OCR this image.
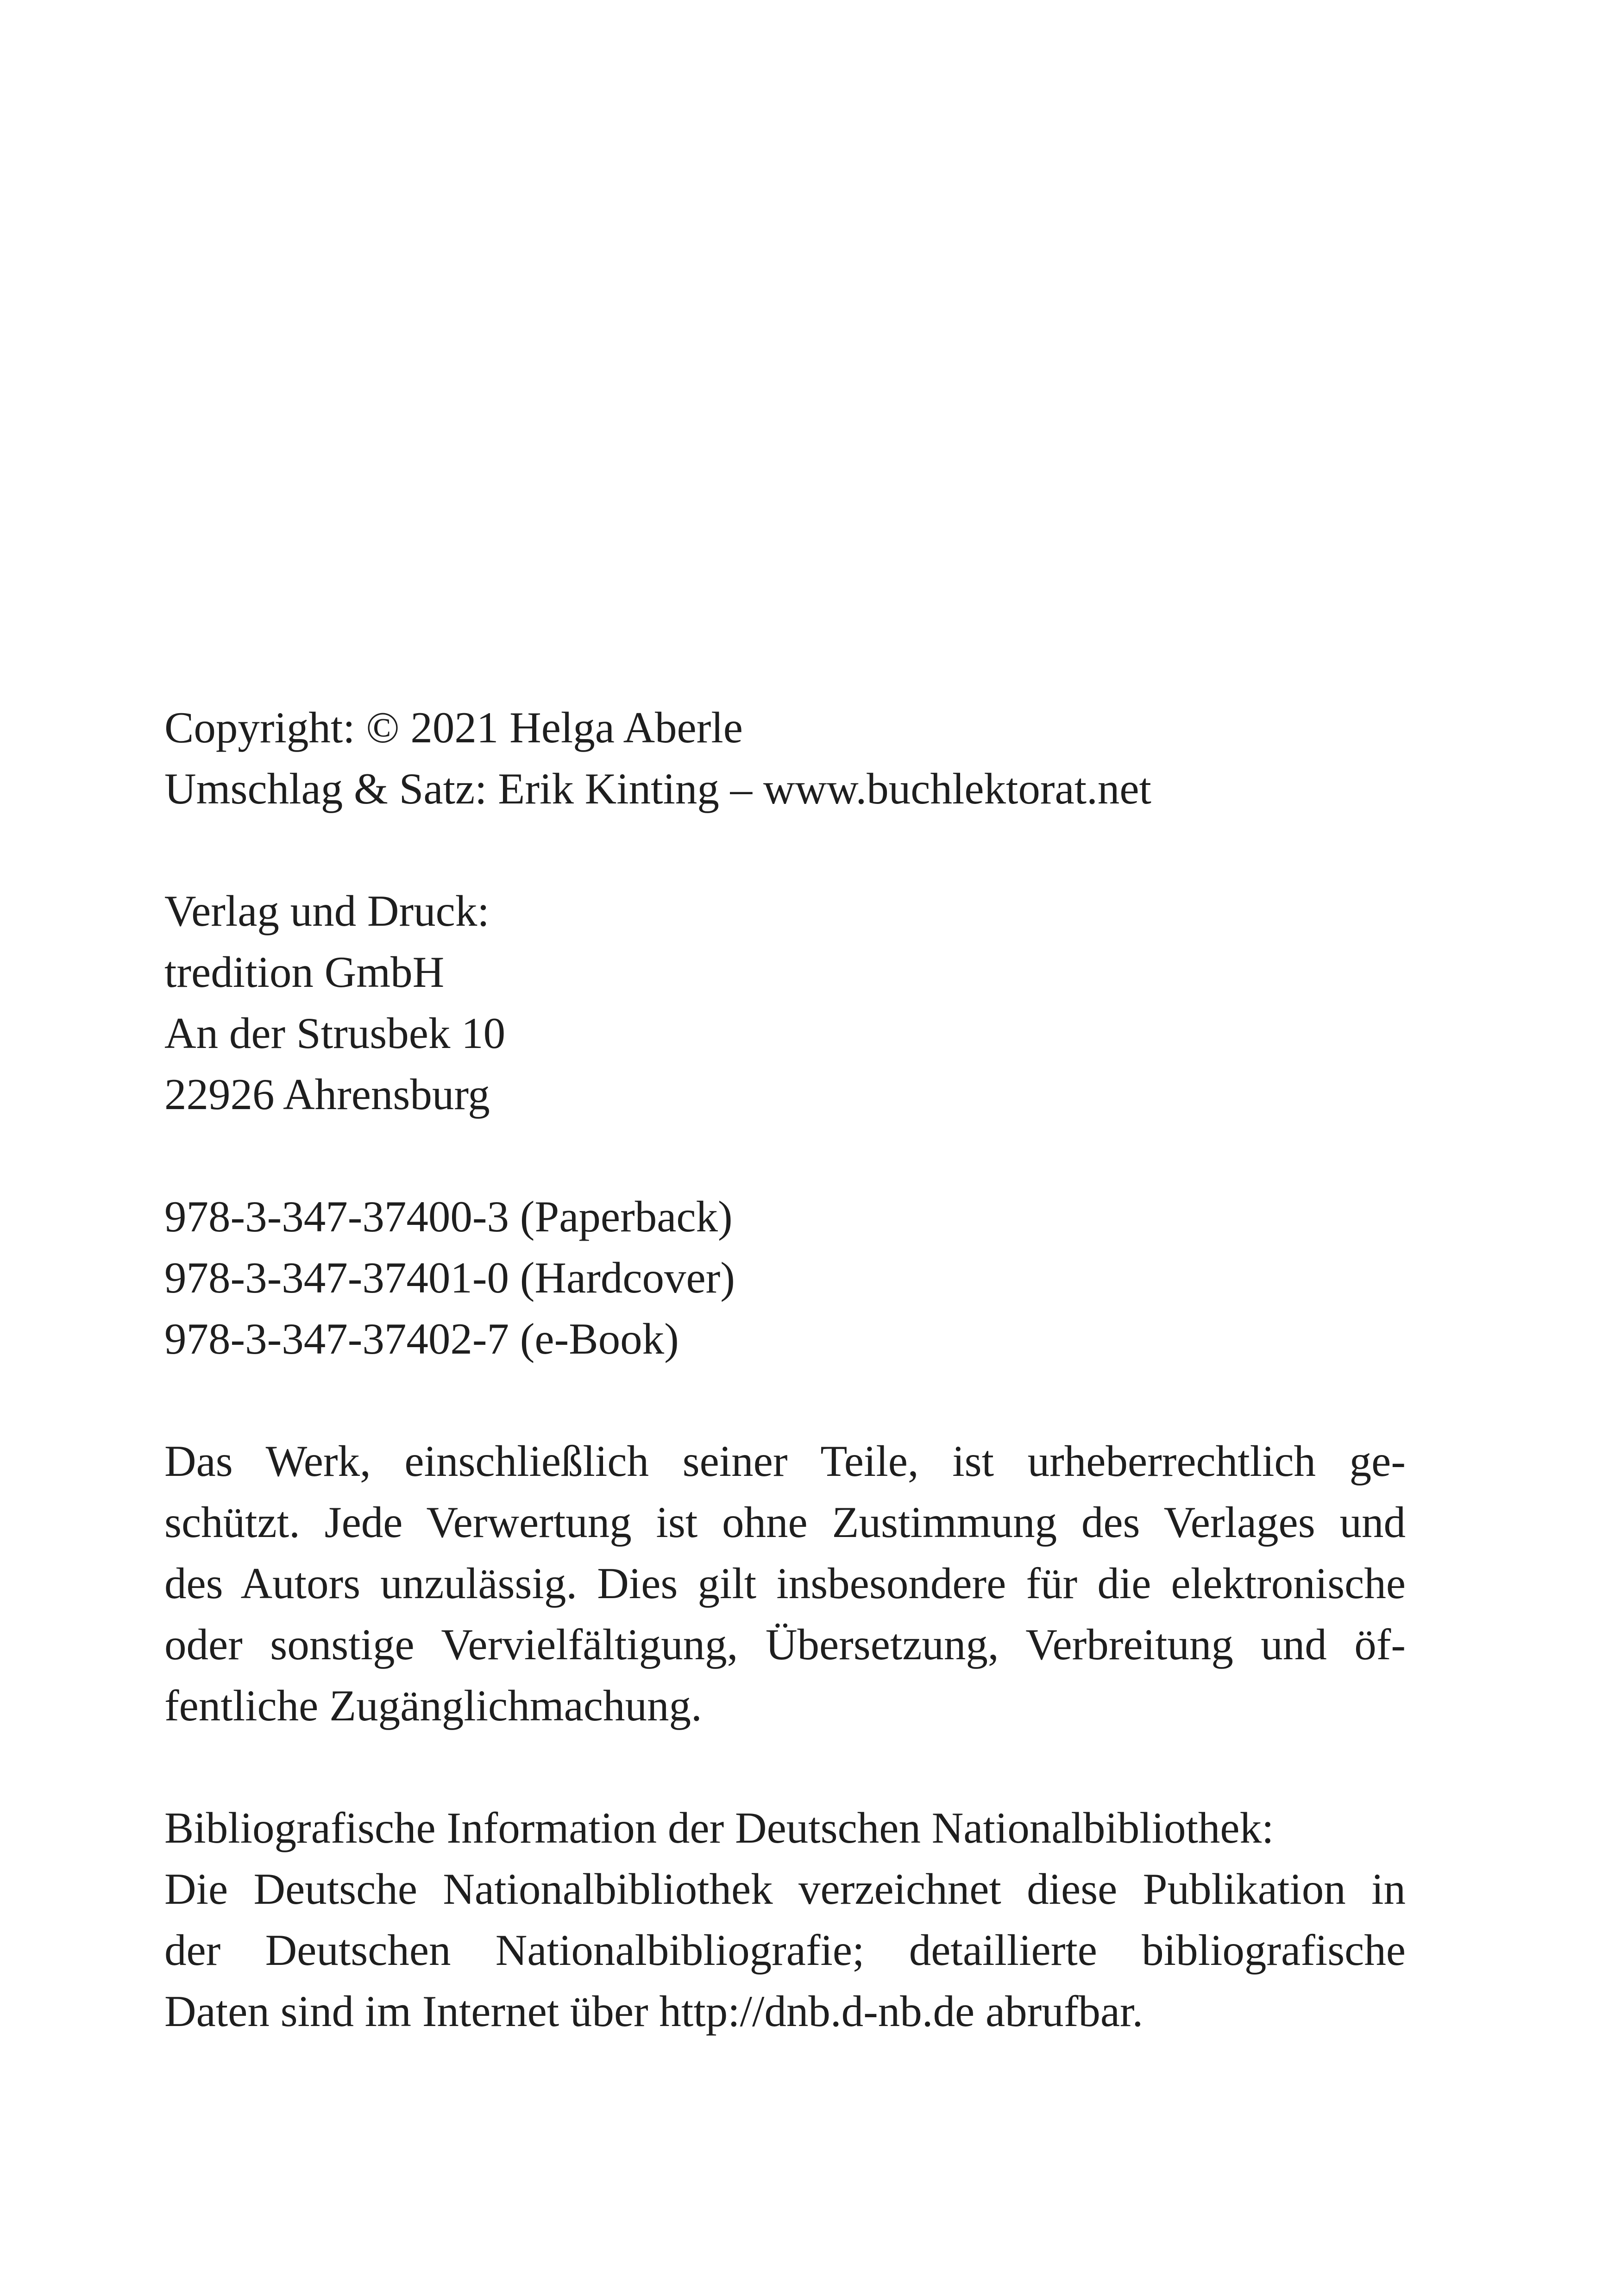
Copyright: © 2021 Helga Aberle
Umschlag & Satz: Erik Kinting – www.buchlektorat.net
Verlag und Druck:
tredition GmbH
An der Strusbek 10
22926 Ahrensburg
978-3-347-37400-3 (Paperback)
978-3-347-37401-0 (Hardcover)
978-3-347-37402-7 (e-Book)
Das Werk, einschließlich seiner Teile, ist urheberrechtlich ge-
schützt. Jede Verwertung ist ohne Zustimmung des Verlages und
des Autors unzulässig. Dies gilt insbesondere für die elektronische
oder sonstige Vervielfältigung, Übersetzung, Verbreitung und öf-
fentliche Zugänglichmachung.
Bibliografische Information der Deutschen Nationalbibliothek:
Die Deutsche Nationalbibliothek verzeichnet diese Publikation in
der Deutschen Nationalbibliografie; detaillierte bibliografische
Daten sind im Internet über http://dnb.d-nb.de abrufbar.
